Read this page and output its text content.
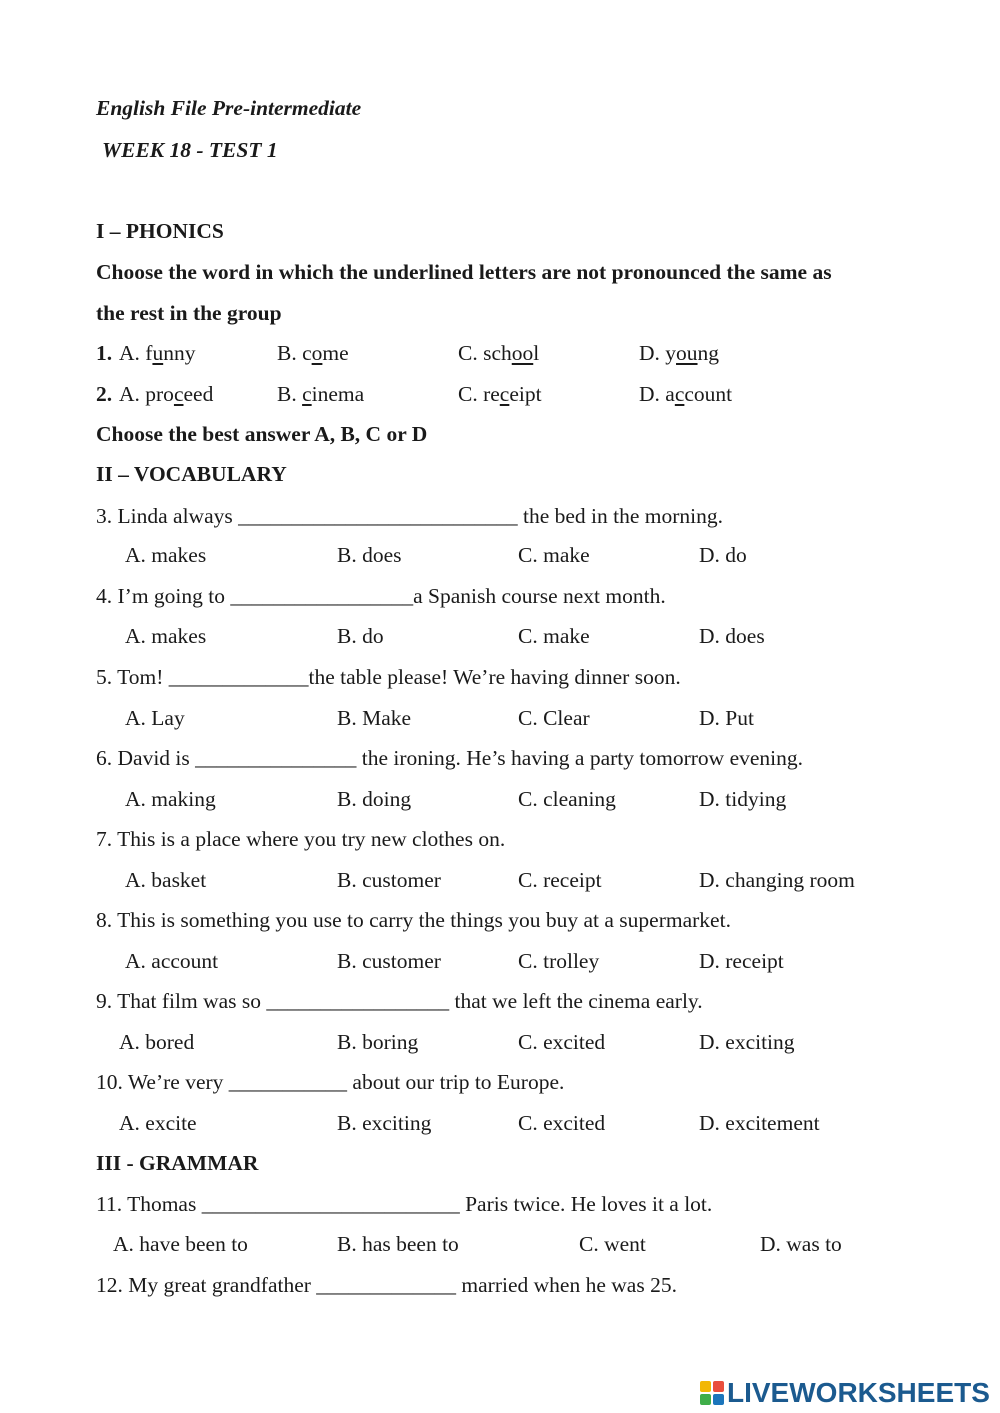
English File Pre-intermediate
WEEK 18 - TEST 1
I – PHONICS
Choose the word in which the underlined letters are not pronounced the same as
the rest in the group
1. A. funny	B. come	C. school	D. young
2. A. proceed	B. cinema	C. receipt	D. account
Choose the best answer A, B, C or D
II – VOCABULARY
3. Linda always __________________________ the bed in the morning.
A. makes	B. does	C. make	D. do
4. I’m going to _________________a Spanish course next month.
A. makes	B. do	C. make	D. does
5. Tom! _____________the table please! We’re having dinner soon.
A. Lay	B. Make	C. Clear	D. Put
6. David is _______________ the ironing. He’s having a party tomorrow evening.
A. making	B. doing	C. cleaning	D. tidying
7. This is a place where you try new clothes on.
A. basket	B. customer	C. receipt	D. changing room
8. This is something you use to carry the things you buy at a supermarket.
A. account	B. customer	C. trolley	D. receipt
9. That film was so _________________ that we left the cinema early.
A. bored	B. boring	C. excited	D. exciting
10. We’re very ___________ about our trip to Europe.
A. excite	B. exciting	C. excited	D. excitement
III - GRAMMAR
11. Thomas ________________________ Paris twice. He loves it a lot.
A. have been to	B. has been to	C. went	D. was to
12. My great grandfather _____________ married when he was 25.
LIVEWORKSHEETS
